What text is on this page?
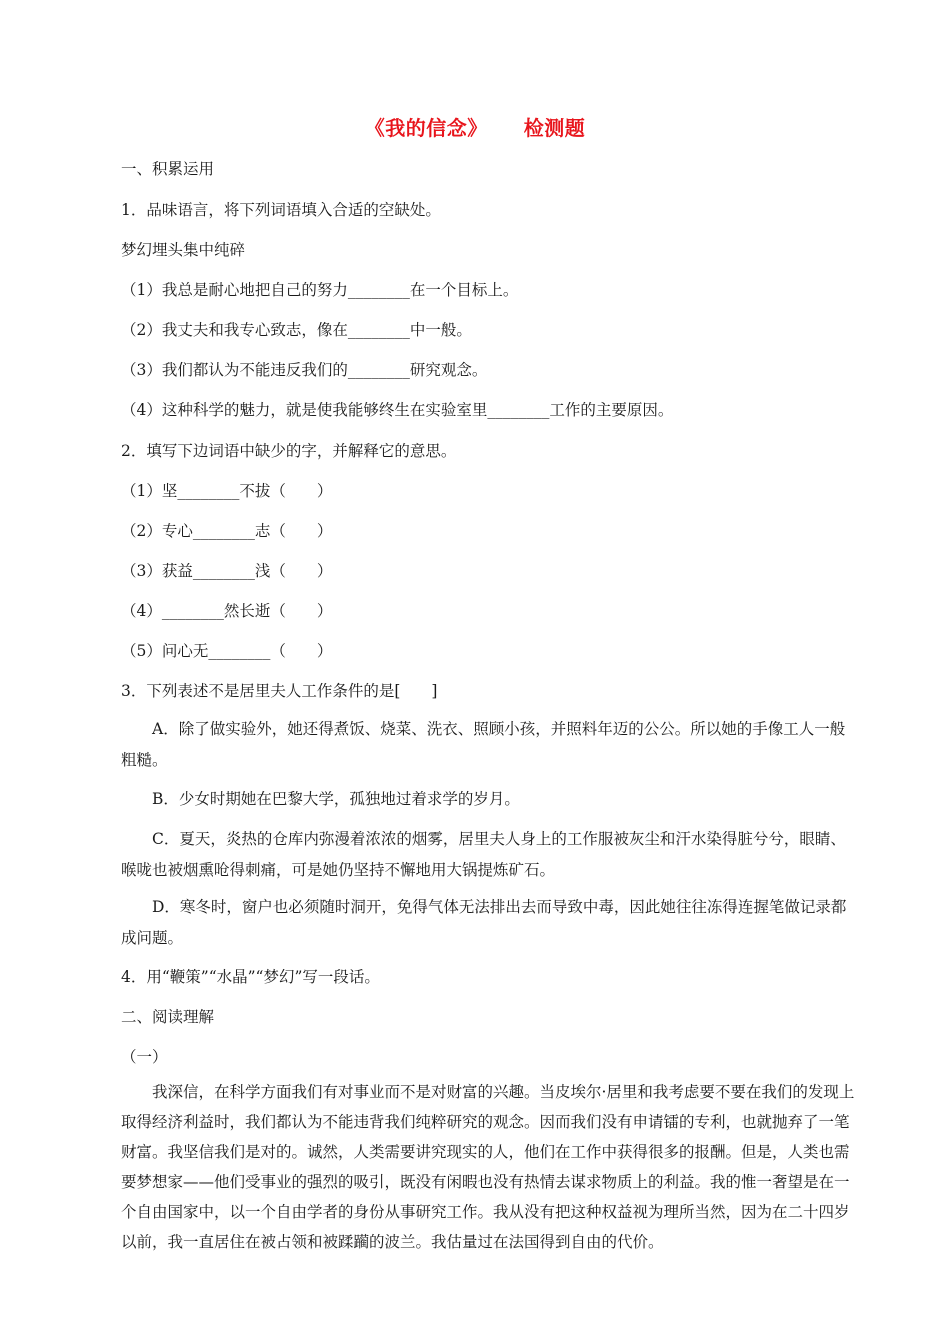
《我的信念》 检测题
一、积累运用
1．品味语言，将下列词语填入合适的空缺处。
梦幻埋头集中纯碎
（1）我总是耐心地把自己的努力________在一个目标上。
（2）我丈夫和我专心致志，像在________中一般。
（3）我们都认为不能违反我们的________研究观念。
（4）这种科学的魅力，就是使我能够终生在实验室里________工作的主要原因。
2．填写下边词语中缺少的字，并解释它的意思。
（1）坚________不拔（　　）
（2）专心________志（　　）
（3）获益________浅（　　）
（4）________然长逝（　　）
（5）问心无________（　　）
3．下列表述不是居里夫人工作条件的是[　　]
A．除了做实验外，她还得煮饭、烧菜、洗衣、照顾小孩，并照料年迈的公公。所以她的手像工人一般粗糙。
B．少女时期她在巴黎大学，孤独地过着求学的岁月。
C．夏天，炎热的仓库内弥漫着浓浓的烟雾，居里夫人身上的工作服被灰尘和汗水染得脏兮兮，眼睛、喉咙也被烟熏呛得刺痛，可是她仍坚持不懈地用大锅提炼矿石。
D．寒冬时，窗户也必须随时洞开，免得气体无法排出去而导致中毒，因此她往往冻得连握笔做记录都成问题。
4．用“鞭策”“水晶”“梦幻”写一段话。
二、阅读理解
（一）
我深信，在科学方面我们有对事业而不是对财富的兴趣。当皮埃尔·居里和我考虑要不要在我们的发现上取得经济利益时，我们都认为不能违背我们纯粹研究的观念。因而我们没有申请镭的专利，也就抛弃了一笔财富。我坚信我们是对的。诚然，人类需要讲究现实的人，他们在工作中获得很多的报酬。但是，人类也需要梦想家——他们受事业的强烈的吸引，既没有闲暇也没有热情去谋求物质上的利益。我的惟一奢望是在一个自由国家中，以一个自由学者的身份从事研究工作。我从没有把这种权益视为理所当然，因为在二十四岁以前，我一直居住在被占领和被蹂躏的波兰。我估量过在法国得到自由的代价。
